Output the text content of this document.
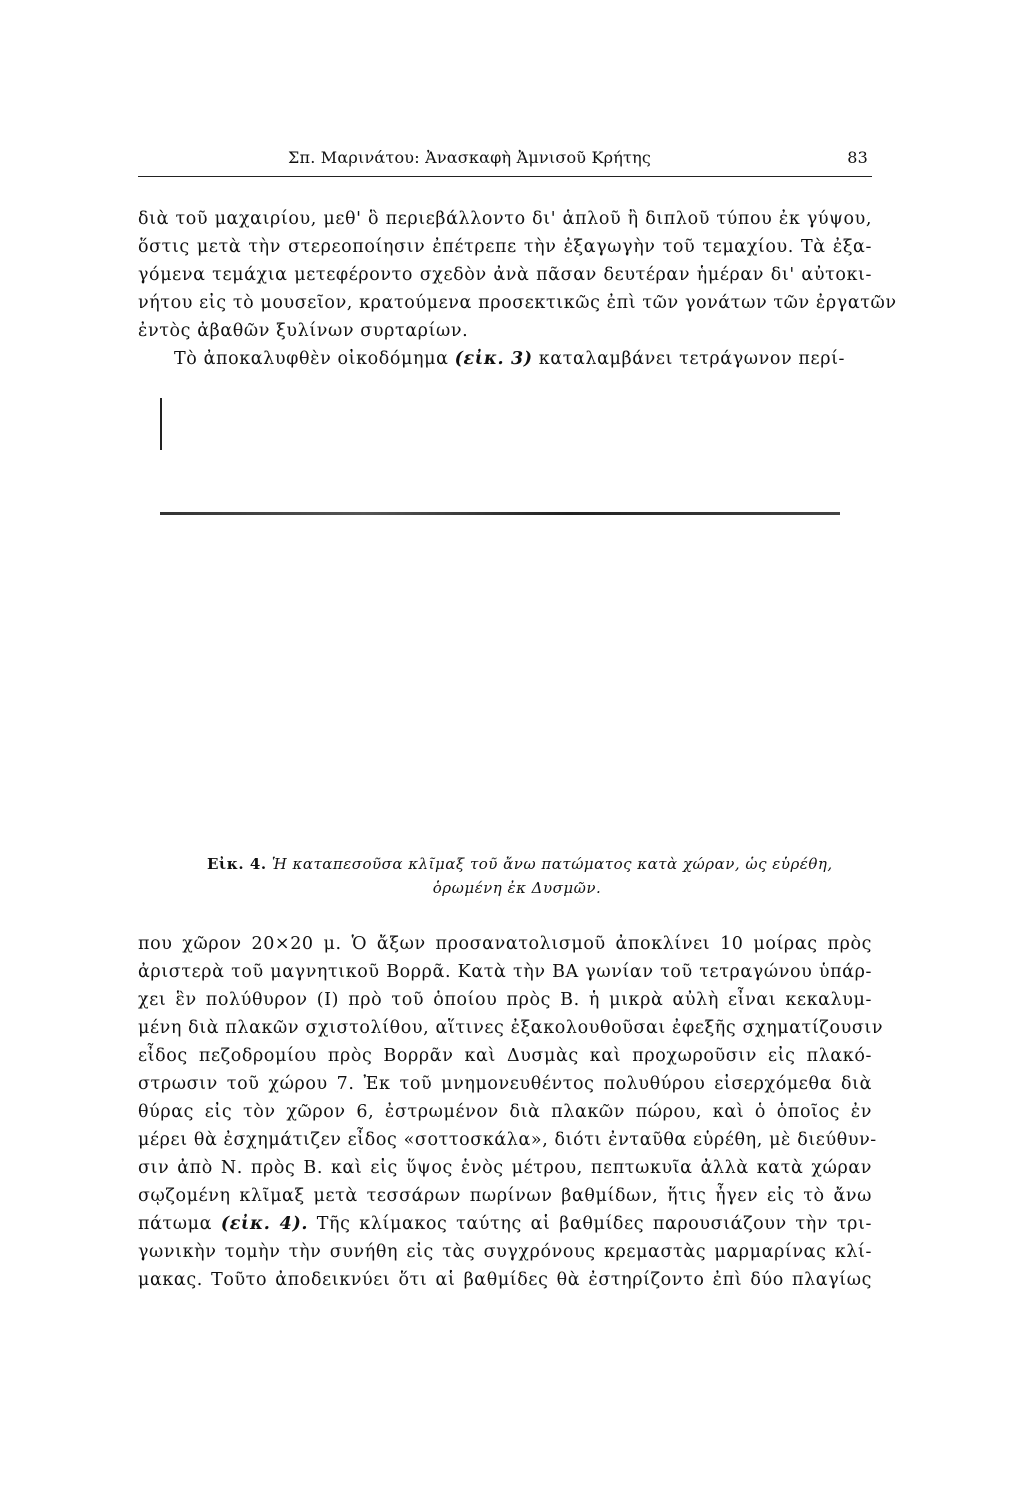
Σπ. Μαρινάτου: Ἀνασκαφὴ Ἀμνισοῦ Κρήτης	83
διὰ τοῦ μαχαιρίου, μεθ' ὃ περιεβάλλοντο δι' ἁπλοῦ ἢ διπλοῦ τύπου ἐκ γύψου,
ὅστις μετὰ τὴν στερεοποίησιν ἐπέτρεπε τὴν ἐξαγωγὴν τοῦ τεμαχίου. Τὰ ἐξα-
γόμενα τεμάχια μετεφέροντο σχεδὸν ἀνὰ πᾶσαν δευτέραν ἡμέραν δι' αὐτοκι-
νήτου εἰς τὸ μουσεῖον, κρατούμενα προσεκτικῶς ἐπὶ τῶν γονάτων τῶν ἐργατῶν
ἐντὸς ἀβαθῶν ξυλίνων συρταρίων.
Τὸ ἀποκαλυφθὲν οἰκοδόμημα (εἰκ. 3) καταλαμβάνει τετράγωνον περί-
Εἰκ. 4. Ἡ καταπεσοῦσα κλῖμαξ τοῦ ἄνω πατώματος κατὰ χώραν, ὡς εὑρέθη,
ὁρωμένη ἐκ Δυσμῶν.
που χῶρον 20×20 μ. Ὁ ἄξων προσανατολισμοῦ ἀποκλίνει 10 μοίρας πρὸς
ἀριστερὰ τοῦ μαγνητικοῦ Βορρᾶ. Κατὰ τὴν ΒΑ γωνίαν τοῦ τετραγώνου ὑπάρ-
χει ἓν πολύθυρον (Ι) πρὸ τοῦ ὁποίου πρὸς Β. ἡ μικρὰ αὐλὴ εἶναι κεκαλυμ-
μένη διὰ πλακῶν σχιστολίθου, αἵτινες ἐξακολουθοῦσαι ἐφεξῆς σχηματίζουσιν
εἶδος πεζοδρομίου πρὸς Βορρᾶν καὶ Δυσμὰς καὶ προχωροῦσιν εἰς πλακό-
στρωσιν τοῦ χώρου 7. Ἐκ τοῦ μνημονευθέντος πολυθύρου εἰσερχόμεθα διὰ
θύρας εἰς τὸν χῶρον 6, ἐστρωμένον διὰ πλακῶν πώρου, καὶ ὁ ὁποῖος ἐν
μέρει θὰ ἐσχημάτιζεν εἶδος «σοττοσκάλα», διότι ἐνταῦθα εὑρέθη, μὲ διεύθυν-
σιν ἀπὸ Ν. πρὸς Β. καὶ εἰς ὕψος ἑνὸς μέτρου, πεπτωκυῖα ἀλλὰ κατὰ χώραν
σῳζομένη κλῖμαξ μετὰ τεσσάρων πωρίνων βαθμίδων, ἥτις ἦγεν εἰς τὸ ἄνω
πάτωμα (εἰκ. 4). Τῆς κλίμακος ταύτης αἱ βαθμίδες παρουσιάζουν τὴν τρι-
γωνικὴν τομὴν τὴν συνήθη εἰς τὰς συγχρόνους κρεμαστὰς μαρμαρίνας κλί-
μακας. Τοῦτο ἀποδεικνύει ὅτι αἱ βαθμίδες θὰ ἐστηρίζοντο ἐπὶ δύο πλαγίως
